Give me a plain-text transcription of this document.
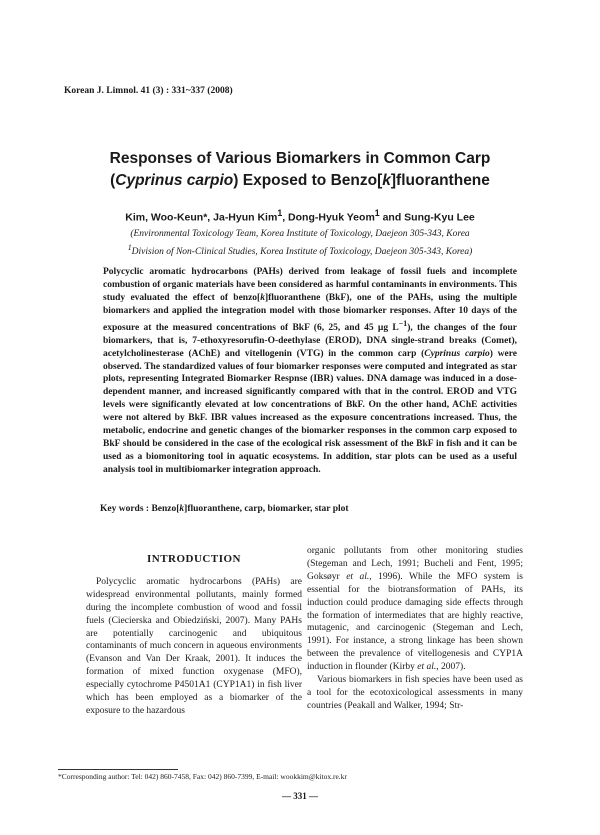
Korean J. Limnol. 41 (3) : 331~337 (2008)
Responses of Various Biomarkers in Common Carp
(Cyprinus carpio) Exposed to Benzo[k]fluoranthene
Kim, Woo-Keun*, Ja-Hyun Kim$^1$, Dong-Hyuk Yeom$^1$ and Sung-Kyu Lee
(Environmental Toxicology Team, Korea Institute of Toxicology, Daejeon 305-343, Korea
$^1$Division of Non-Clinical Studies, Korea Institute of Toxicology, Daejeon 305-343, Korea)

Polycyclic aromatic hydrocarbons (PAHs) derived from leakage of fossil fuels and incomplete combustion of organic materials have been considered as harmful contaminants in environments. This study evaluated the effect of benzo[k]fluoranthene (BkF), one of the PAHs, using the multiple biomarkers and applied the integration model with those biomarker responses. After 10 days of the exposure at the measured concentrations of BkF (6, 25, and 45 µg $L^{-1}$), the changes of the four biomarkers, that is, 7-ethoxyresorufin-O-deethylase (EROD), DNA single-strand breaks (Comet), acetylcholinesterase (AChE) and vitellogenin (VTG) in the common carp (Cyprinus carpio) were observed. The standardized values of four biomarker responses were computed and integrated as star plots, representing Integrated Biomarker Respnse (IBR) values. DNA damage was induced in a dose-dependent manner, and increased significantly compared with that in the control. EROD and VTG levels were significantly elevated at low concentrations of BkF. On the other hand, AChE activities were not altered by BkF. IBR values increased as the exposure concentrations increased. Thus, the metabolic, endocrine and genetic changes of the biomarker responses in the common carp exposed to BkF should be considered in the case of the ecological risk assessment of the BkF in fish and it can be used as a biomonitoring tool in aquatic ecosystems. In addition, star plots can be used as a useful analysis tool in multibiomarker integration approach.

Key words : Benzo[k]fluoranthene, carp, biomarker, star plot
INTRODUCTION

Polycyclic aromatic hydrocarbons (PAHs) are widespread environmental pollutants, mainly formed during the incomplete combustion of wood and fossil fuels (Ciecierska and Obiedziński, 2007). Many PAHs are potentially carcinogenic and ubiquitous contaminants of much concern in aqueous environments (Evanson and Van Der Kraak, 2001). It induces the formation of mixed function oxygenase (MFO), especially cytochrome P4501A1 (CYP1A1) in fish liver which has been employed as a biomarker of the exposure to the hazardous

organic pollutants from other monitoring studies (Stegeman and Lech, 1991; Bucheli and Fent, 1995; Goksøyr et al., 1996). While the MFO system is essential for the biotransformation of PAHs, its induction could produce damaging side effects through the formation of intermediates that are highly reactive, mutagenic, and carcinogenic (Stegeman and Lech, 1991). For instance, a strong linkage has been shown between the prevalence of vitellogenesis and CYP1A induction in flounder (Kirby et al., 2007).

Various biomarkers in fish species have been used as a tool for the ecotoxicological assessments in many countries (Peakall and Walker, 1994; Str-

*Corresponding author: Tel: 042) 860-7458, Fax: 042) 860-7399, E-mail: wookkim@kitox.re.kr
— 331 —
